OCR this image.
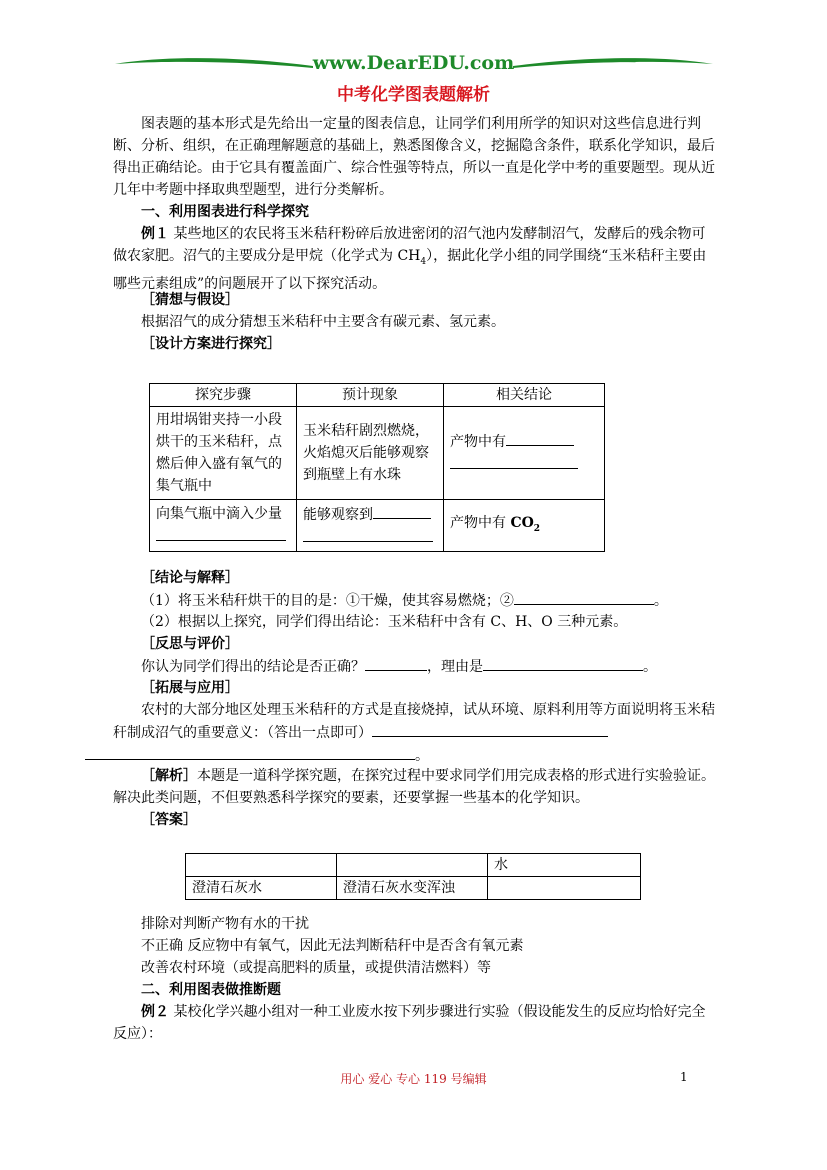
www.DearEDU.com
中考化学图表题解析
图表题的基本形式是先给出一定量的图表信息，让同学们利用所学的知识对这些信息进行判断、分析、组织，在正确理解题意的基础上，熟悉图像含义，挖掘隐含条件，联系化学知识，最后得出正确结论。由于它具有覆盖面广、综合性强等特点，所以一直是化学中考的重要题型。现从近几年中考题中择取典型题型，进行分类解析。
一、利用图表进行科学探究
例１ 某些地区的农民将玉米秸秆粉碎后放进密闭的沼气池内发酵制沼气，发酵后的残余物可做农家肥。沼气的主要成分是甲烷（化学式为 $CH_4$），据此化学小组的同学围绕“玉米秸秆主要由哪些元素组成”的问题展开了以下探究活动。
［猜想与假设］
根据沼气的成分猜想玉米秸秆中主要含有碳元素、氢元素。
［设计方案进行探究］
探究步骤	预计现象	相关结论
用坩埚钳夹持一小段烘干的玉米秸秆，点燃后伸入盛有氧气的集气瓶中	玉米秸秆剧烈燃烧，火焰熄灭后能够观察到瓶壁上有水珠	产物中有

向集气瓶中滴入少量	能够观察到	产物中有 $CO_2$
［结论与解释］
（1）将玉米秸秆烘干的目的是：①干燥，使其容易燃烧；②	。
（2）根据以上探究，同学们得出结论：玉米秸秆中含有 C、H、O 三种元素。
［反思与评价］
你认为同学们得出的结论是否正确？	，理由是	。
［拓展与应用］
农村的大部分地区处理玉米秸秆的方式是直接烧掉，试从环境、原料利用等方面说明将玉米秸秆制成沼气的重要意义：（答出一点即可）
。
［解析］本题是一道科学探究题，在探究过程中要求同学们用完成表格的形式进行实验验证。解决此类问题，不但要熟悉科学探究的要素，还要掌握一些基本的化学知识。
［答案］
		水
澄清石灰水	澄清石灰水变浑浊	
排除对判断产物有水的干扰
不正确 反应物中有氧气，因此无法判断秸秆中是否含有氧元素
改善农村环境（或提高肥料的质量，或提供清洁燃料）等
二、利用图表做推断题
例２ 某校化学兴趣小组对一种工业废水按下列步骤进行实验（假设能发生的反应均恰好完全反应）：
用心 爱心 专心 119 号编辑	1
